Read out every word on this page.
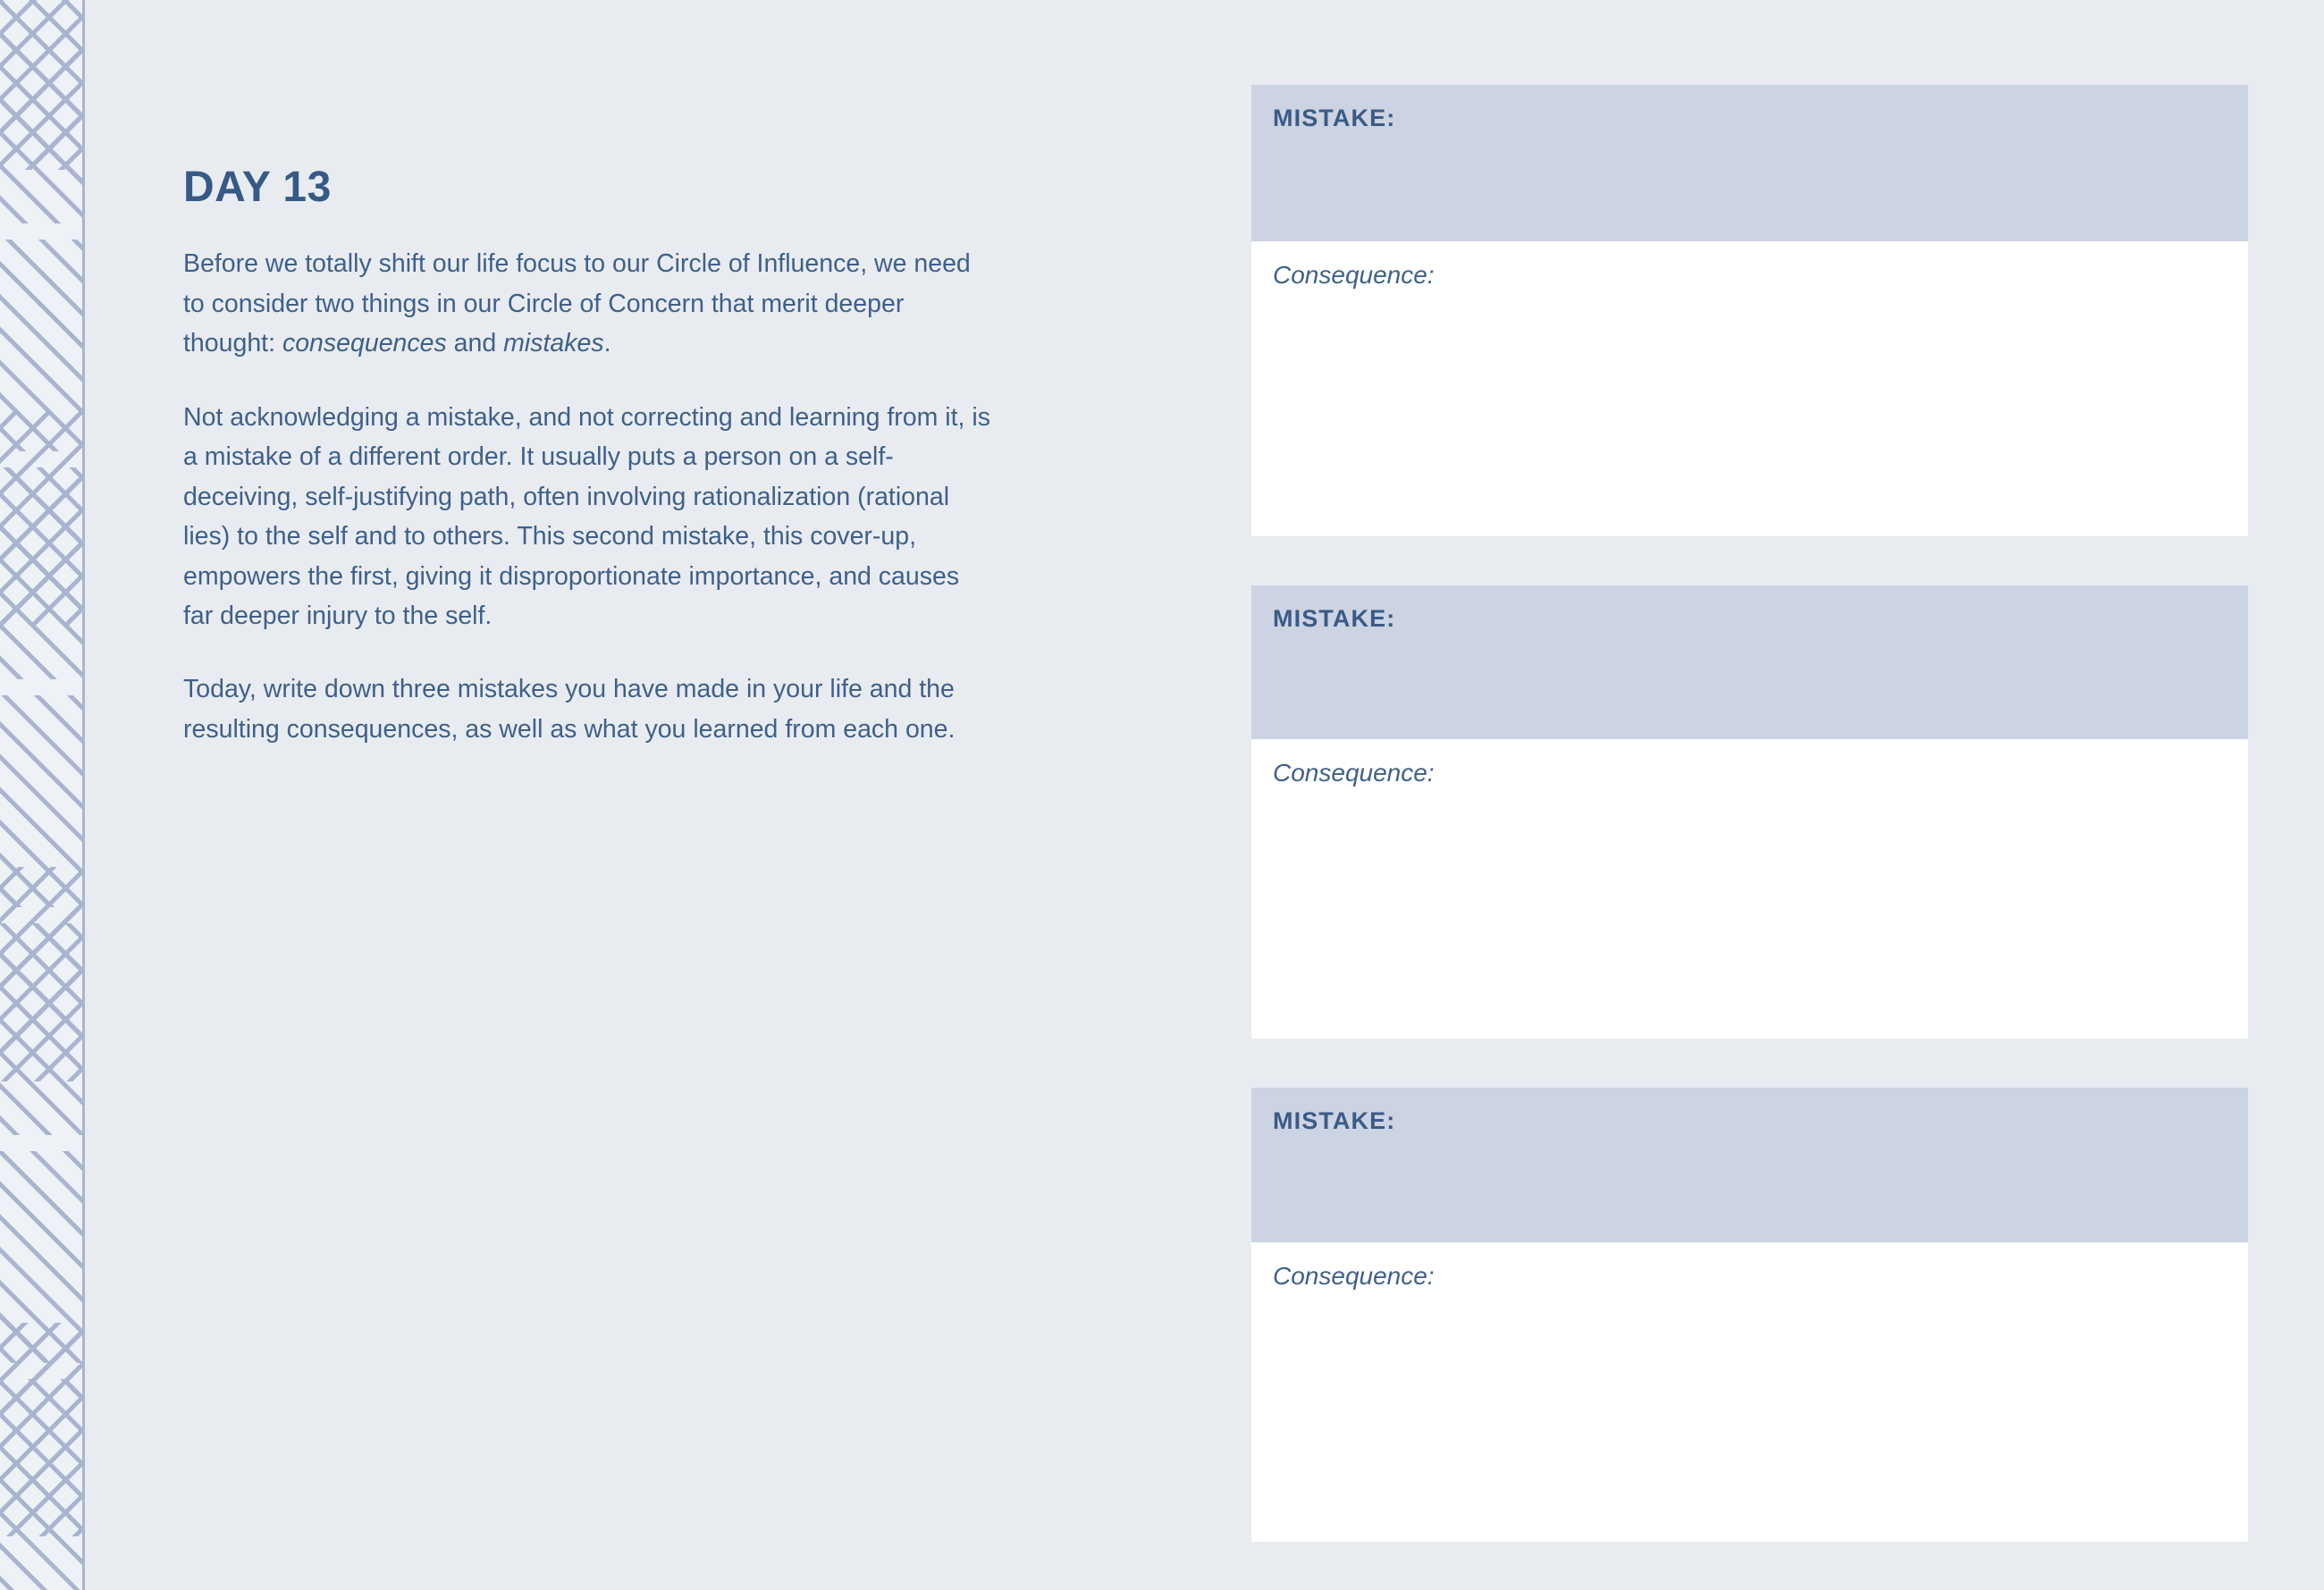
DAY 13

Before we totally shift our life focus to our Circle of Influence, we need to consider two things in our Circle of Concern that merit deeper thought: consequences and mistakes.

Not acknowledging a mistake, and not correcting and learning from it, is a mistake of a different order. It usually puts a person on a self-deceiving, self-justifying path, often involving rationalization (rational lies) to the self and to others. This second mistake, this cover-up, empowers the first, giving it disproportionate importance, and causes far deeper injury to the self.

Today, write down three mistakes you have made in your life and the resulting consequences, as well as what you learned from each one.

MISTAKE:
Consequence:
MISTAKE:
Consequence:
MISTAKE:
Consequence:
